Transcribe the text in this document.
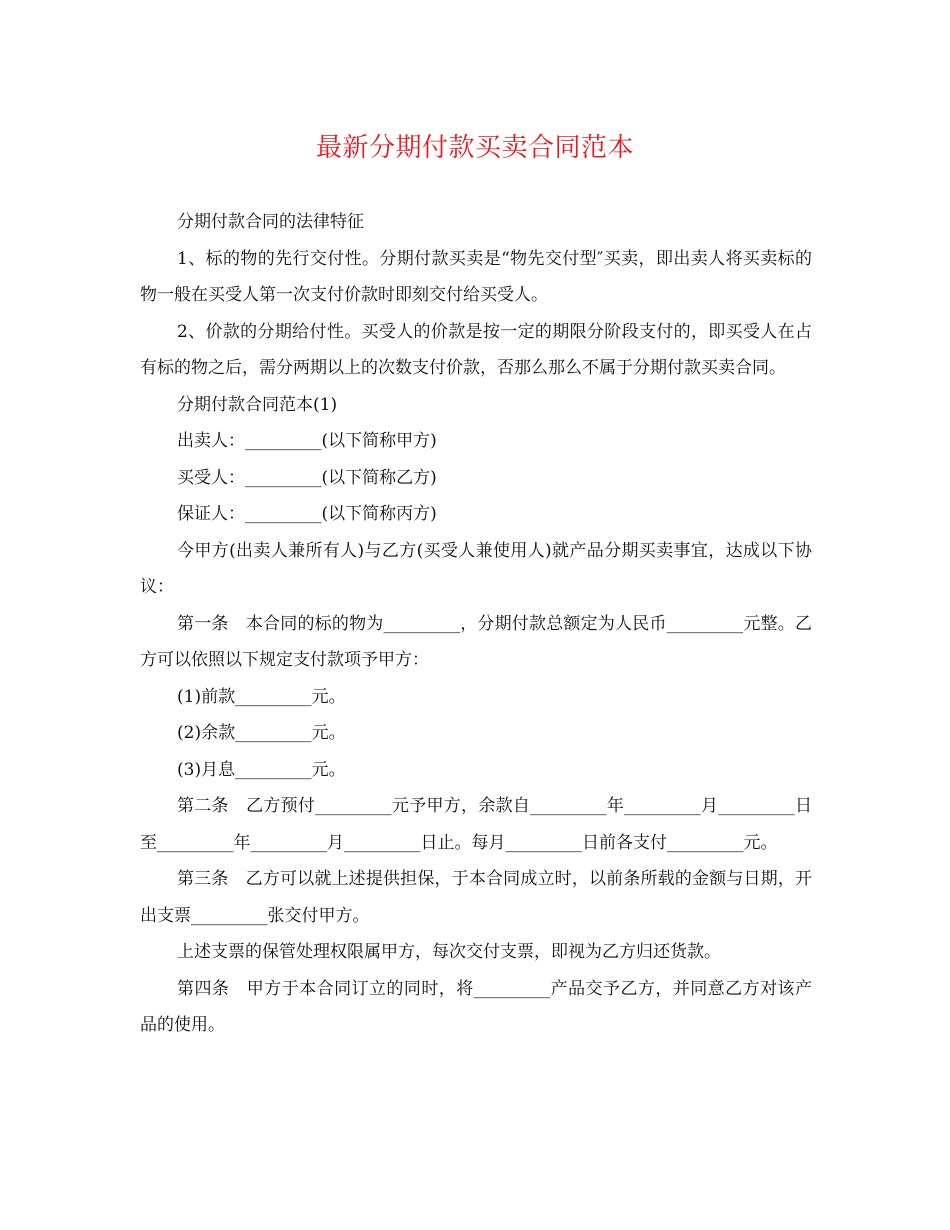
最新分期付款买卖合同范本

分期付款合同的法律特征

1、标的物的先行交付性。分期付款买卖是“物先交付型″买卖，即出卖人将买卖标的物一般在买受人第一次支付价款时即刻交付给买受人。

2、价款的分期给付性。买受人的价款是按一定的期限分阶段支付的，即买受人在占有标的物之后，需分两期以上的次数支付价款，否那么那么不属于分期付款买卖合同。

分期付款合同范本(1)

出卖人：_________(以下简称甲方)

买受人：_________(以下简称乙方)

保证人：_________(以下简称丙方)

今甲方(出卖人兼所有人)与乙方(买受人兼使用人)就产品分期买卖事宜，达成以下协议：

第一条　本合同的标的物为_________，分期付款总额定为人民币_________元整。乙方可以依照以下规定支付款项予甲方：

(1)前款_________元。

(2)余款_________元。

(3)月息_________元。

第二条　乙方预付_________元予甲方，余款自_________年_________月_________日至_________年_________月_________日止。每月_________日前各支付_________元。

第三条　乙方可以就上述提供担保，于本合同成立时，以前条所载的金额与日期，开出支票_________张交付甲方。

上述支票的保管处理权限属甲方，每次交付支票，即视为乙方归还货款。

第四条　甲方于本合同订立的同时，将_________产品交予乙方，并同意乙方对该产品的使用。
